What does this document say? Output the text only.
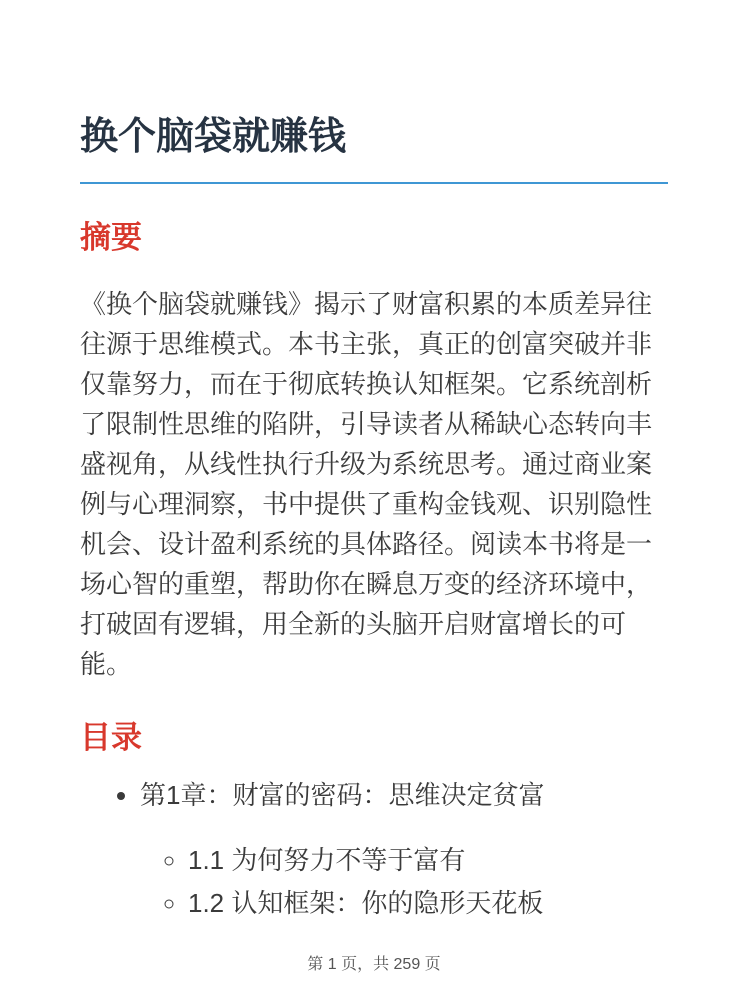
换个脑袋就赚钱
摘要

《换个脑袋就赚钱》揭示了财富积累的本质差异往往源于思维模式。本书主张，真正的创富突破并非仅靠努力，而在于彻底转换认知框架。它系统剖析了限制性思维的陷阱，引导读者从稀缺心态转向丰盛视角，从线性执行升级为系统思考。通过商业案例与心理洞察，书中提供了重构金钱观、识别隐性机会、设计盈利系统的具体路径。阅读本书将是一场心智的重塑，帮助你在瞬息万变的经济环境中，打破固有逻辑，用全新的头脑开启财富增长的可能。

目录
• 第1章：财富的密码：思维决定贫富
◦ 1.1 为何努力不等于富有
◦ 1.2 认知框架：你的隐形天花板
第 1 页，共 259 页
